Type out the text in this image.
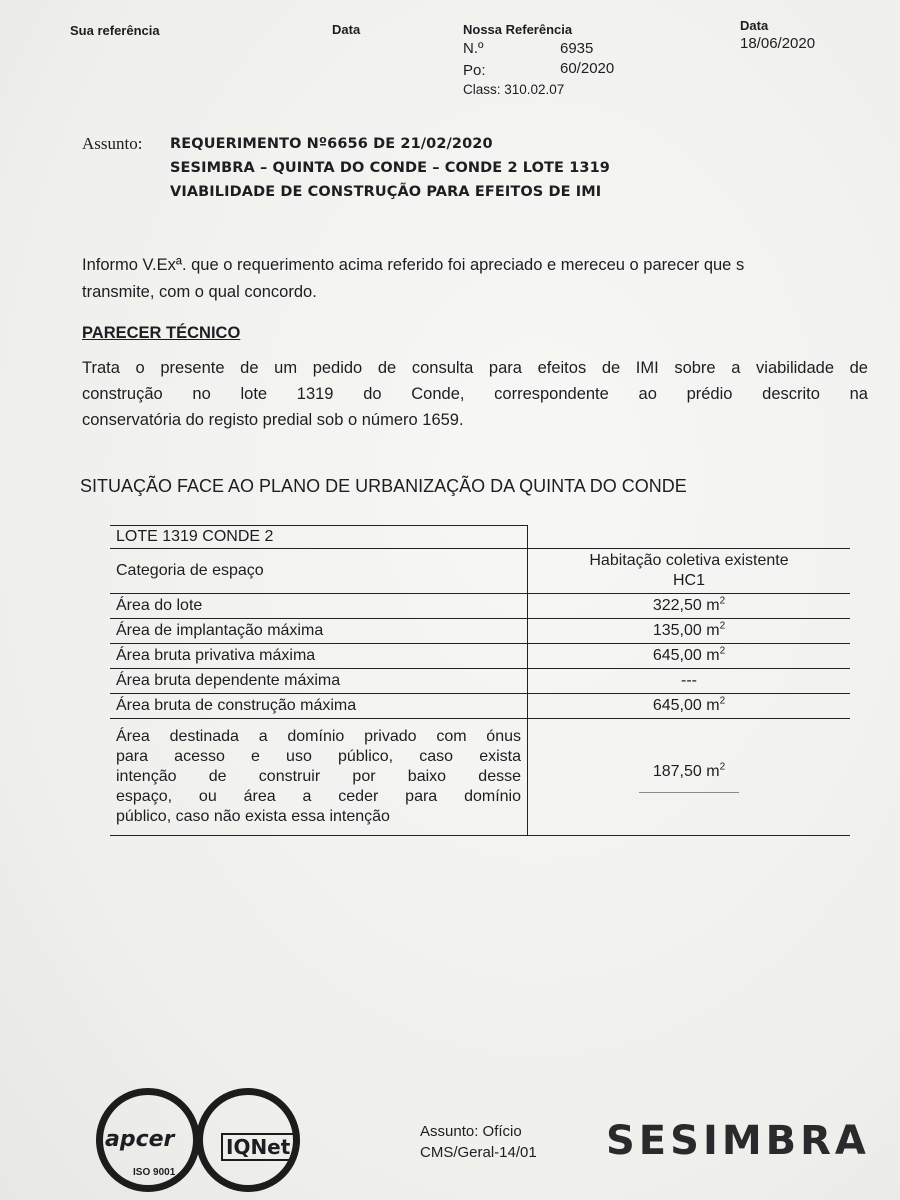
Sua referência	Data	Nossa Referência
N.º	6935
Po:	60/2020
Class: 310.02.07
Data
18/06/2020
Assunto: REQUERIMENTO Nº6656 DE 21/02/2020
SESIMBRA – QUINTA DO CONDE – CONDE 2 LOTE 1319
VIABILIDADE DE CONSTRUÇÃO PARA EFEITOS DE IMI
Informo V.Exª. que o requerimento acima referido foi apreciado e mereceu o parecer que s
transmite, com o qual concordo.
PARECER TÉCNICO
Trata o presente de um pedido de consulta para efeitos de IMI sobre a viabilidade de
construção no lote 1319 do Conde, correspondente ao prédio descrito na
conservatória do registo predial sob o número 1659.
SITUAÇÃO FACE AO PLANO DE URBANIZAÇÃO DA QUINTA DO CONDE
LOTE 1319 CONDE 2	
Categoria de espaço	Habitação coletiva existente
HC1

Área do lote	322,50 $m^2$
Área de implantação máxima	135,00 $m^2$
Área bruta privativa máxima	645,00 $m^2$
Área bruta dependente máxima	---
Área bruta de construção máxima	645,00 $m^2$

Área destinada a domínio privado com ónus
para acesso e uso público, caso exista
intenção de construir por baixo desse
espaço, ou área a ceder para domínio
público, caso não exista essa intenção	187,50 $m^2$
apcer
ISO 9001
IQNet
Assunto: Ofício
CMS/Geral-14/01 SESIMBRA
